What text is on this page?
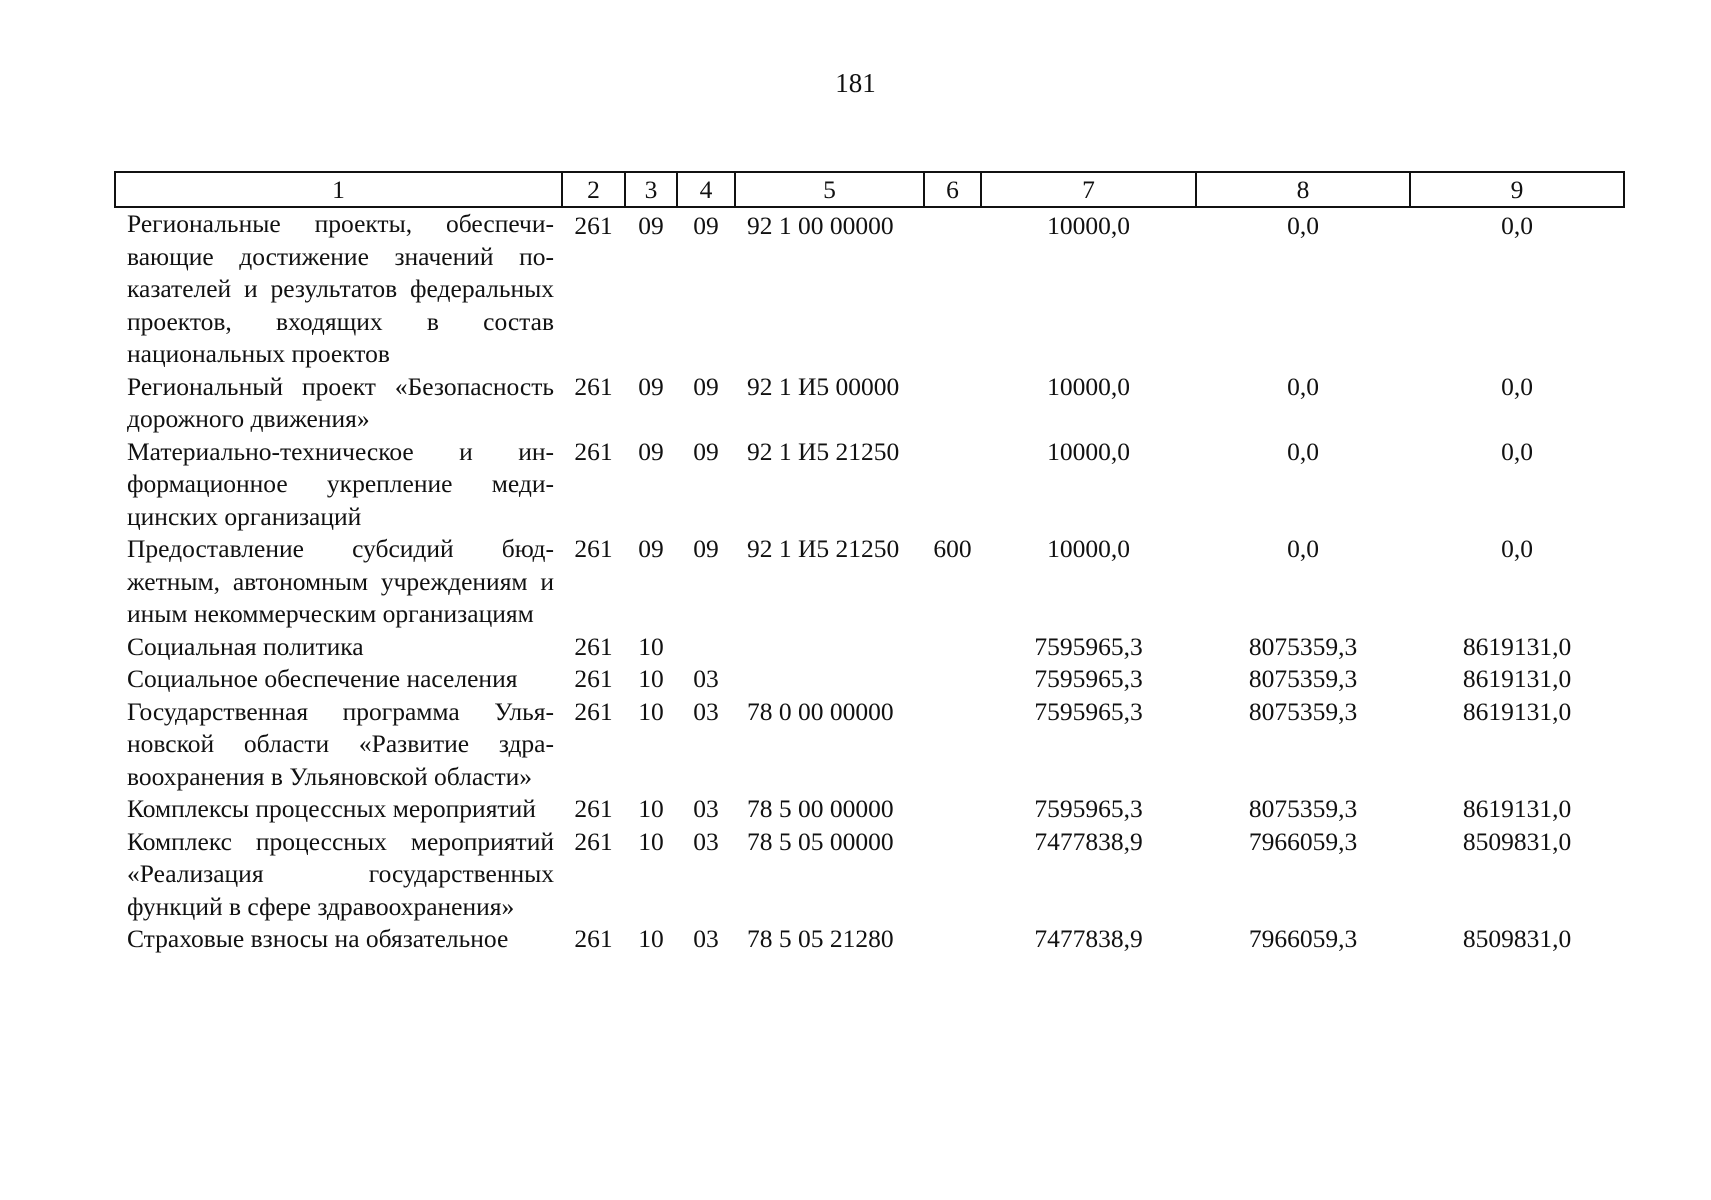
181
1	2	3	4	5	6	7	8	9
Региональные проекты, обеспечивающие достижение значений показателей и результатов федеральных проектов, входящих в состав национальных проектов	261	09	09	92 1 00 00000		10000,0	0,0	0,0
Региональный проект «Безопасность дорожного движения»	261	09	09	92 1 И5 00000		10000,0	0,0	0,0
Материально-техническое и информационное укрепление медицинских организаций	261	09	09	92 1 И5 21250		10000,0	0,0	0,0
Предоставление субсидий бюджетным, автономным учреждениям и иным некоммерческим организациям	261	09	09	92 1 И5 21250	600	10000,0	0,0	0,0
Социальная политика	261	10				7595965,3	8075359,3	8619131,0
Социальное обеспечение населения	261	10	03			7595965,3	8075359,3	8619131,0
Государственная программа Ульяновской области «Развитие здравоохранения в Ульяновской области»	261	10	03	78 0 00 00000		7595965,3	8075359,3	8619131,0
Комплексы процессных мероприятий	261	10	03	78 5 00 00000		7595965,3	8075359,3	8619131,0
Комплекс процессных мероприятий «Реализация государственных функций в сфере здравоохранения»	261	10	03	78 5 05 00000		7477838,9	7966059,3	8509831,0
Страховые взносы на обязательное	261	10	03	78 5 05 21280		7477838,9	7966059,3	8509831,0
